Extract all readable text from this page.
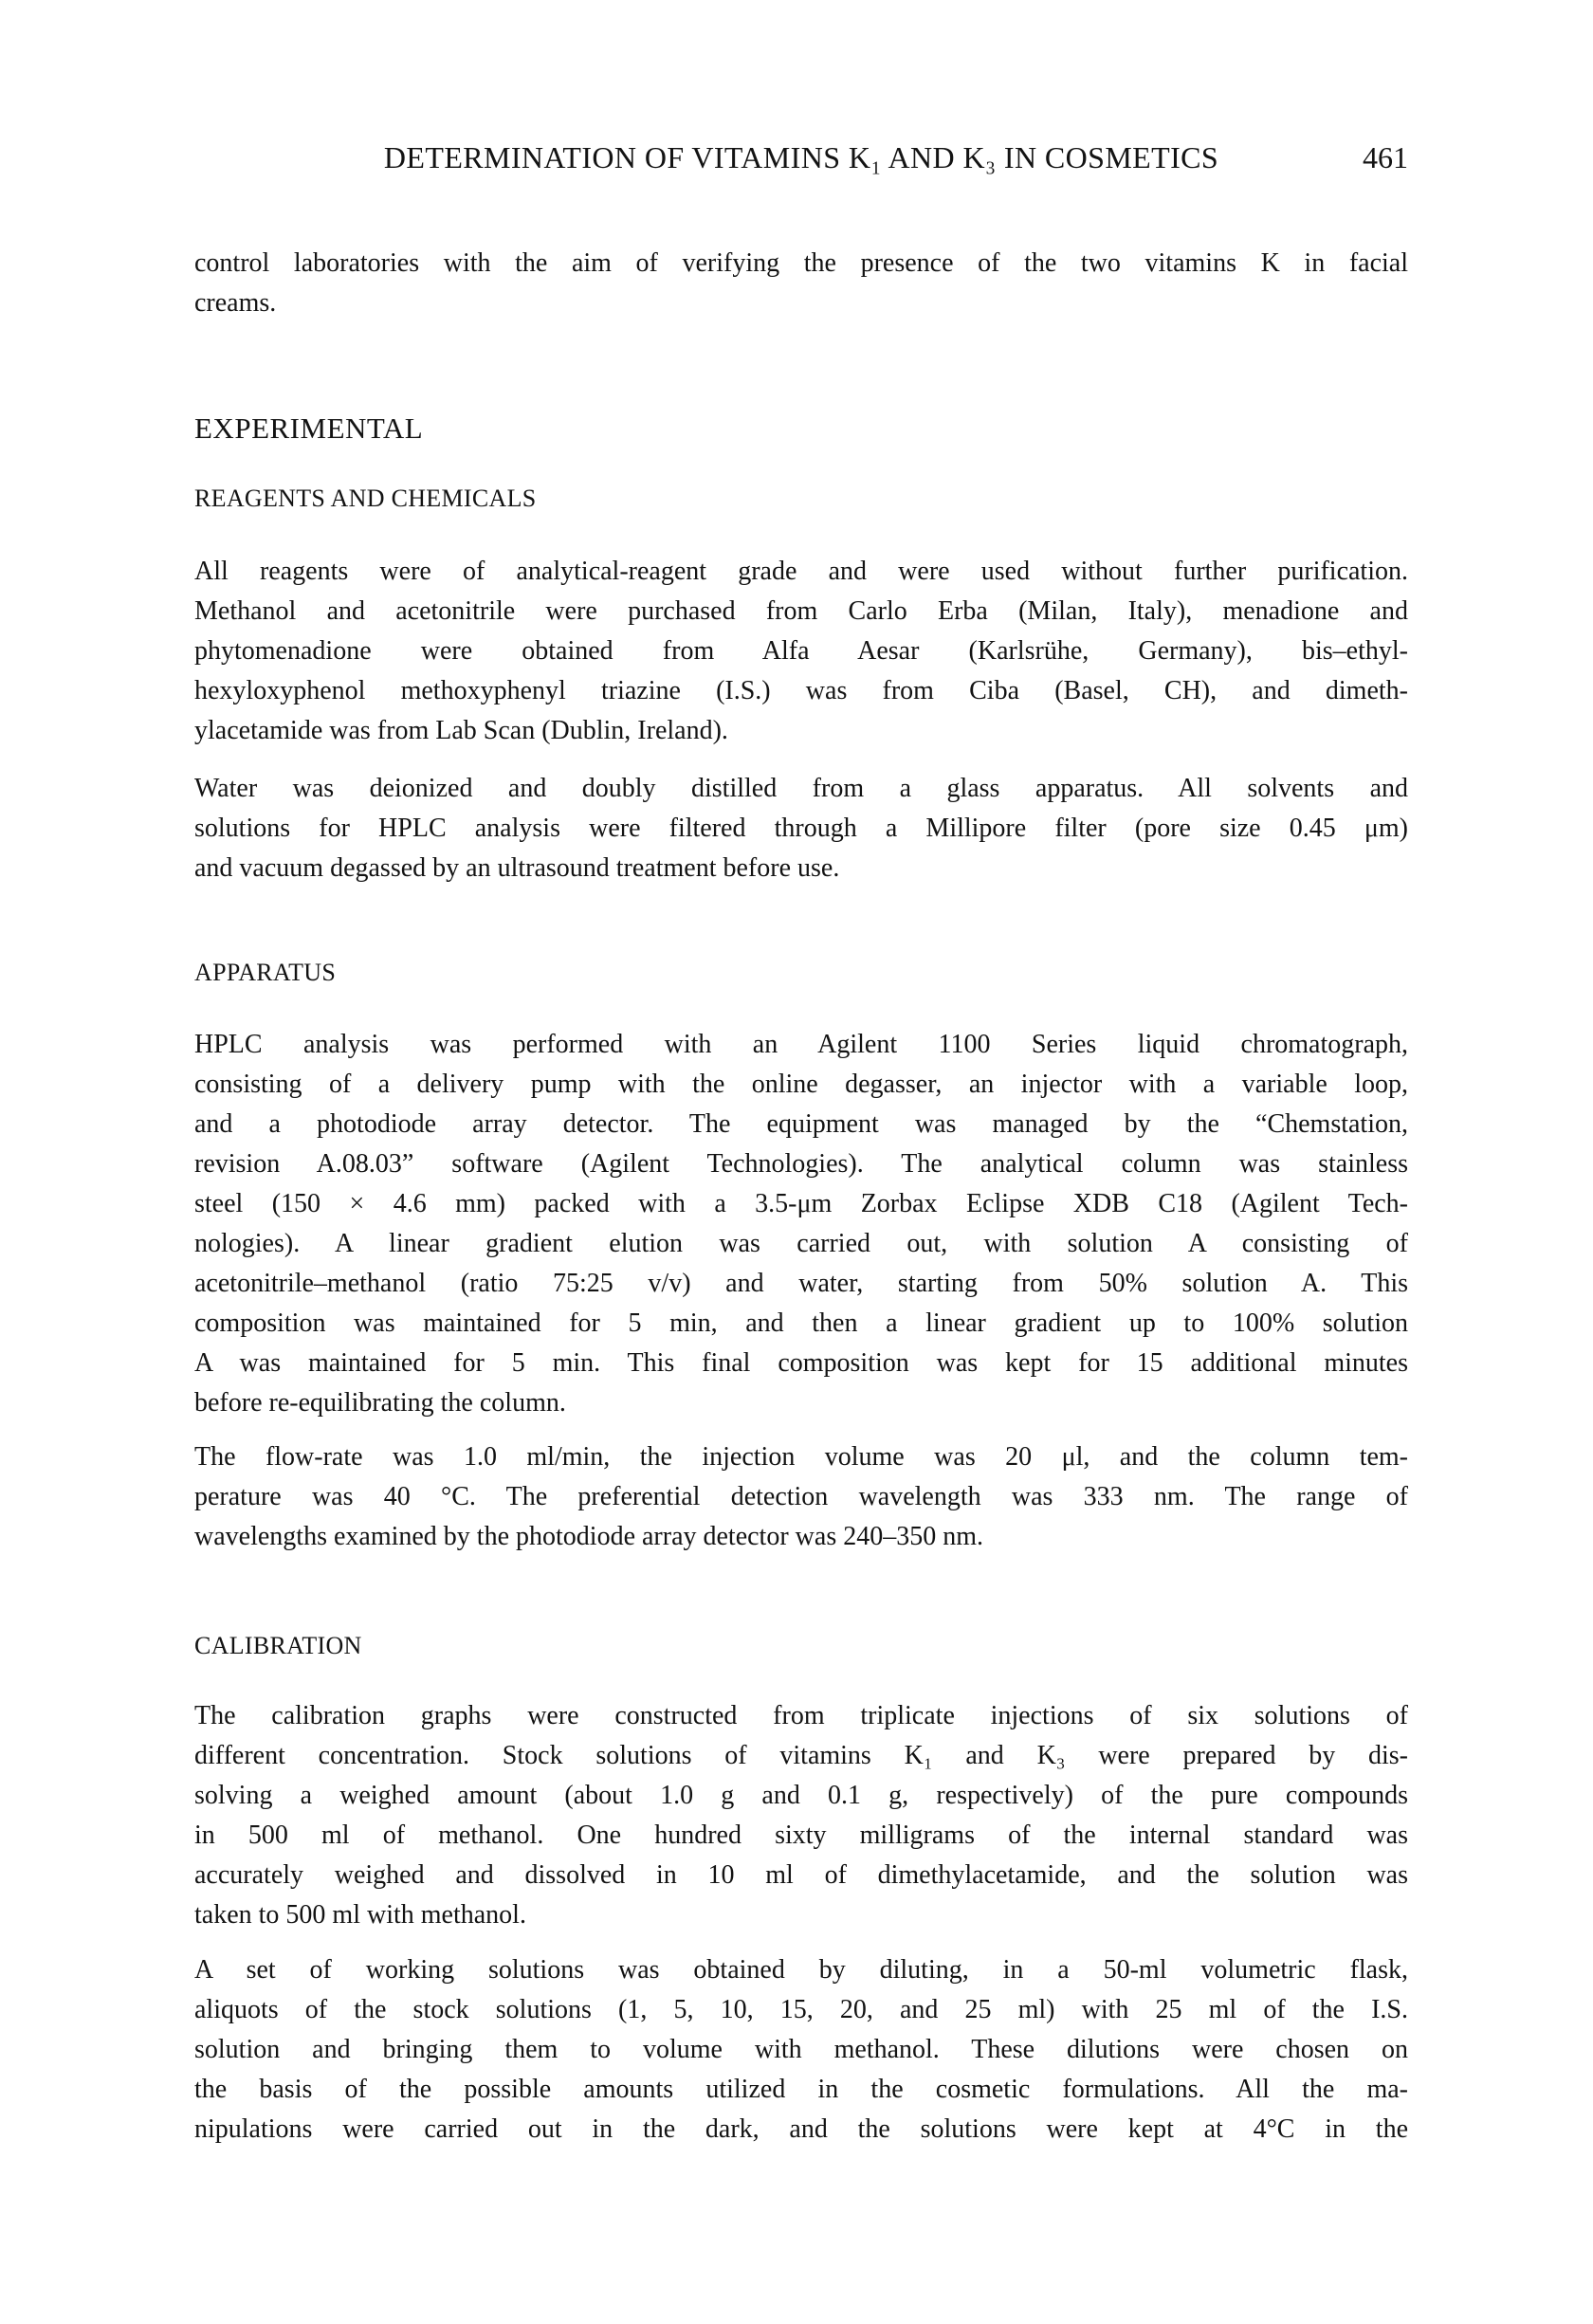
DETERMINATION OF VITAMINS K₁ AND K₃ IN COSMETICS	461
control laboratories with the aim of verifying the presence of the two vitamins K in facial
creams.
EXPERIMENTAL
REAGENTS AND CHEMICALS
All reagents were of analytical-reagent grade and were used without further purification.
Methanol and acetonitrile were purchased from Carlo Erba (Milan, Italy), menadione and
phytomenadione were obtained from Alfa Aesar (Karlsrühe, Germany), bis–ethyl-
hexyloxyphenol methoxyphenyl triazine (I.S.) was from Ciba (Basel, CH), and dimeth-
ylacetamide was from Lab Scan (Dublin, Ireland).
Water was deionized and doubly distilled from a glass apparatus. All solvents and
solutions for HPLC analysis were filtered through a Millipore filter (pore size 0.45 μm)
and vacuum degassed by an ultrasound treatment before use.
APPARATUS
HPLC analysis was performed with an Agilent 1100 Series liquid chromatograph,
consisting of a delivery pump with the online degasser, an injector with a variable loop,
and a photodiode array detector. The equipment was managed by the “Chemstation,
revision A.08.03” software (Agilent Technologies). The analytical column was stainless
steel (150 × 4.6 mm) packed with a 3.5-μm Zorbax Eclipse XDB C18 (Agilent Tech-
nologies). A linear gradient elution was carried out, with solution A consisting of
acetonitrile–methanol (ratio 75:25 v/v) and water, starting from 50% solution A. This
composition was maintained for 5 min, and then a linear gradient up to 100% solution
A was maintained for 5 min. This final composition was kept for 15 additional minutes
before re-equilibrating the column.
The flow-rate was 1.0 ml/min, the injection volume was 20 μl, and the column tem-
perature was 40 °C. The preferential detection wavelength was 333 nm. The range of
wavelengths examined by the photodiode array detector was 240–350 nm.
CALIBRATION
The calibration graphs were constructed from triplicate injections of six solutions of
different concentration. Stock solutions of vitamins K₁ and K₃ were prepared by dis-
solving a weighed amount (about 1.0 g and 0.1 g, respectively) of the pure compounds
in 500 ml of methanol. One hundred sixty milligrams of the internal standard was
accurately weighed and dissolved in 10 ml of dimethylacetamide, and the solution was
taken to 500 ml with methanol.
A set of working solutions was obtained by diluting, in a 50-ml volumetric flask,
aliquots of the stock solutions (1, 5, 10, 15, 20, and 25 ml) with 25 ml of the I.S.
solution and bringing them to volume with methanol. These dilutions were chosen on
the basis of the possible amounts utilized in the cosmetic formulations. All the ma-
nipulations were carried out in the dark, and the solutions were kept at 4°C in the
